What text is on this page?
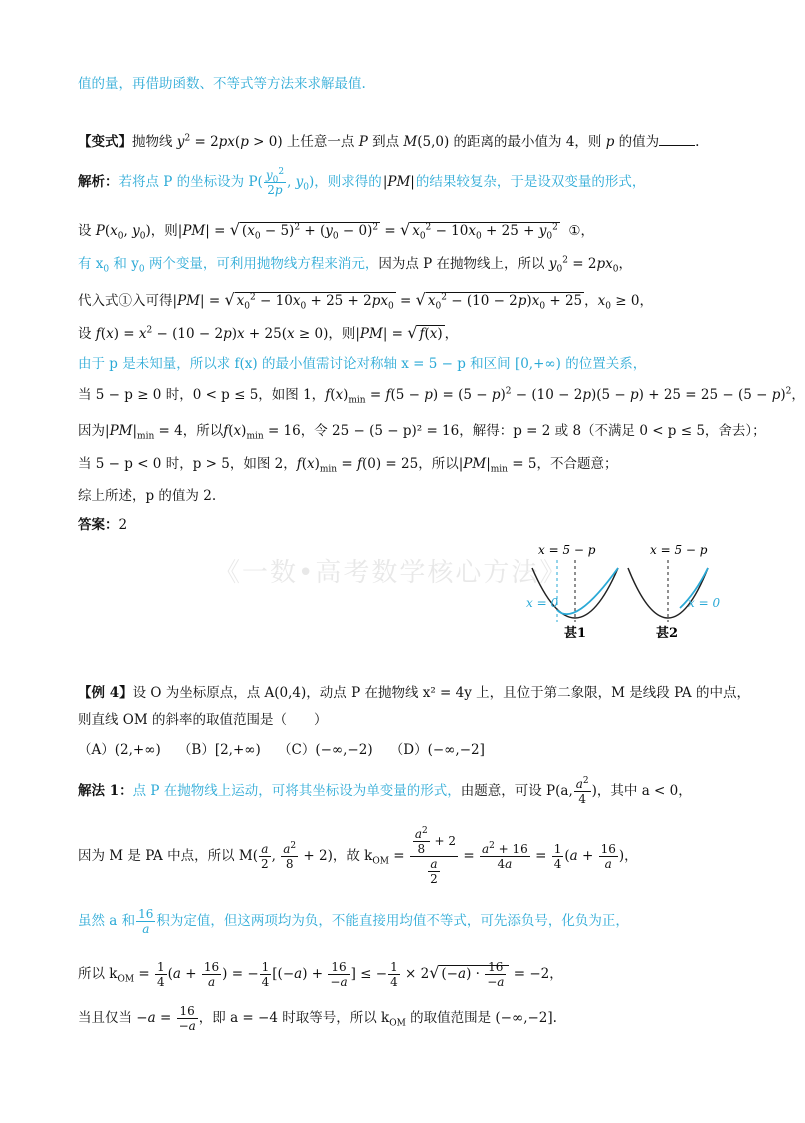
值的量，再借助函数、不等式等方法来求解最值.
【变式】抛物线 $y^2 = 2px(p > 0)$ 上任意一点 P 到点 M(5,0) 的距离的最小值为 4，则 p 的值为	.
解析：若将点 P 的坐标设为 $P( \frac{y_0^2}{2p}$ , $y_0$)，则求得的|PM|的结果较复杂，于是设双变量的形式，
设 $P(x_0$, $y_0$)，则|PM| = √ $(x_0 - 5)^2 + (y_0 - 0)^2$ = √ $x_0^2 - 10x_0 + 25 + y_0^2$ ①，
有 $x_0$ 和 $y_0$ 两个变量，可利用抛物线方程来消元，因为点 P 在抛物线上，所以 $y_0^2 = 2px_0$，
代入式①入可得|PM| = √ $x_0^2 - 10x_0 + 25 + 2px_0$ = √ $x_0^2 - (10 - 2p)x_0 + 25$ ，$x_0 \ge 0$，
设 $f(x) = x^2 - (10 - 2p)x + 25(x \ge 0)$，则|PM| = √ f(x) ，
由于 p 是未知量，所以求 f(x) 的最小值需讨论对称轴 x = 5 − p 和区间 [0,+∞) 的位置关系，
当 5 − p ≥ 0 时，0 < p ≤ 5，如图 1，$f(x)_{min} = f(5 - p) = (5 - p)^2 - (10 - 2p)(5 - p) + 25 = 25 - (5 - p)^2$，
因为$|PM|_{min} = 4$，所以$f(x)_{min} = 16$，令 25 − (5 − p)² = 16，解得：p = 2 或 8（不满足 0 < p ≤ 5，舍去）；
当 5 − p < 0 时，p > 5，如图 2，$f(x)_{min} = f(0) = 25$，所以$|PM|_{min} = 5$，不合题意；
综上所述，p 的值为 2.
答案：2
《一数•高考数学核心方法》
x = 5 − p
x = 0
甚1
x = 5 − p
x = 0
甚2
【例 4】设 O 为坐标原点，点 A(0,4)，动点 P 在抛物线 x² = 4y 上，且位于第二象限，M 是线段 PA 的中点，
则直线 OM 的斜率的取值范围是（　　）
（A）(2,+∞) （B）[2,+∞) （C）(−∞,−2) （D）(−∞,−2]
解法 1：点 P 在抛物线上运动，可将其坐标设为单变量的形式，由题意，可设 P(a, $\frac{a^2}{4}$ )，其中 a < 0，
因为 M 是 PA 中点，所以 $M( \frac{a}{2}$ , $\frac{a^2}{8} + 2$)，故 $k_{OM} = \frac{\frac{a^2}{8} + 2}{\frac{a}{2}} = \frac{a^2 + 16}{4a} = \frac{1}{4} (a + \frac{16}{a}$ )，
虽然 a 和 $\frac{16}{a}$ 积为定值，但这两项均为负，不能直接用均值不等式，可先添负号，化负为正，
所以 $k_{OM} = \frac{1}{4} (a + \frac{16}{a}$ ) = − $\frac{1}{4} [(-a) + \frac{16}{-a}$ ] ≤ − $\frac{1}{4} \times 2√$ $(-a) \cdot \frac{16}{-a} = -2$，
当且仅当 $-a = \frac{16}{-a}$ ，即 a = −4 时取等号，所以 $k_{OM}$ 的取值范围是 (−∞,−2].
